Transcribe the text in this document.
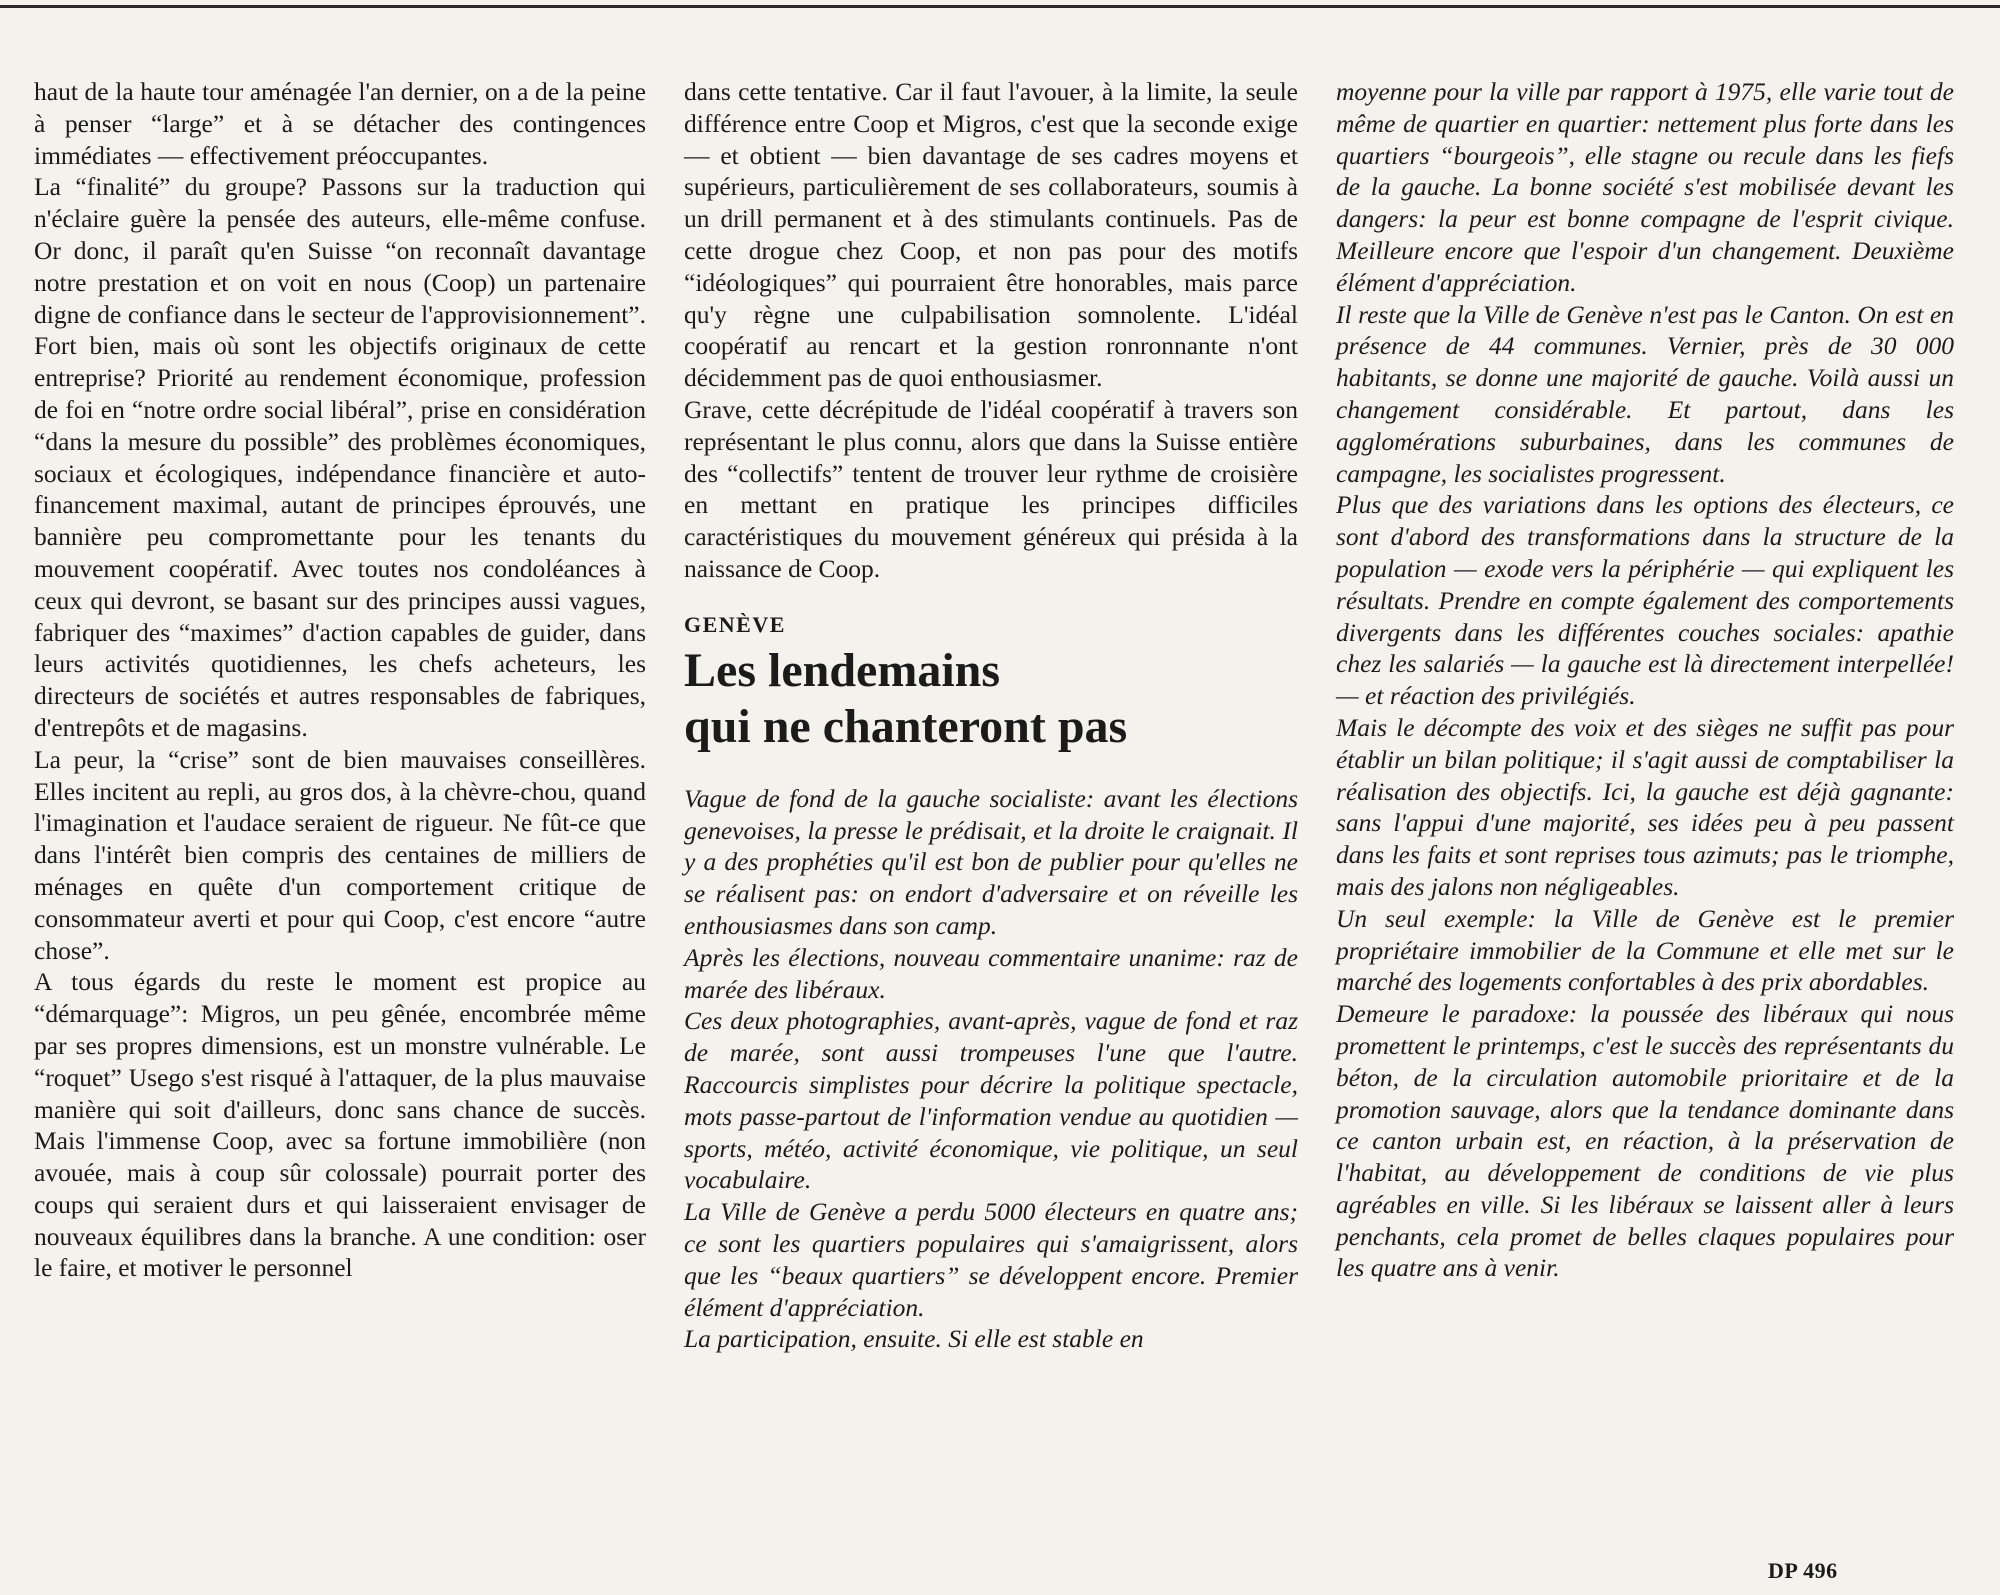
haut de la haute tour aménagée l'an dernier, on a de la peine à penser “large” et à se détacher des contingences immédiates — effectivement préoccupantes.

La “finalité” du groupe? Passons sur la traduction qui n'éclaire guère la pensée des auteurs, elle-même confuse. Or donc, il paraît qu'en Suisse “on reconnaît davantage notre prestation et on voit en nous (Coop) un partenaire digne de confiance dans le secteur de l'approvisionnement”. Fort bien, mais où sont les objectifs originaux de cette entreprise? Priorité au rendement économique, profession de foi en “notre ordre social libéral”, prise en considération “dans la mesure du possible” des problèmes économiques, sociaux et écologiques, indépendance financière et auto-financement maximal, autant de principes éprouvés, une bannière peu compromettante pour les tenants du mouvement coopératif. Avec toutes nos condoléances à ceux qui devront, se basant sur des principes aussi vagues, fabriquer des “maximes” d'action capables de guider, dans leurs activités quotidiennes, les chefs acheteurs, les directeurs de sociétés et autres responsables de fabriques, d'entrepôts et de magasins.

La peur, la “crise” sont de bien mauvaises conseillères. Elles incitent au repli, au gros dos, à la chèvre-chou, quand l'imagination et l'audace seraient de rigueur. Ne fût-ce que dans l'intérêt bien compris des centaines de milliers de ménages en quête d'un comportement critique de consommateur averti et pour qui Coop, c'est encore “autre chose”.

A tous égards du reste le moment est propice au “démarquage”: Migros, un peu gênée, encombrée même par ses propres dimensions, est un monstre vulnérable. Le “roquet” Usego s'est risqué à l'attaquer, de la plus mauvaise manière qui soit d'ailleurs, donc sans chance de succès. Mais l'immense Coop, avec sa fortune immobilière (non avouée, mais à coup sûr colossale) pourrait porter des coups qui seraient durs et qui laisseraient envisager de nouveaux équilibres dans la branche. A une condition: oser le faire, et motiver le personnel

dans cette tentative. Car il faut l'avouer, à la limite, la seule différence entre Coop et Migros, c'est que la seconde exige — et obtient — bien davantage de ses cadres moyens et supérieurs, particulièrement de ses collaborateurs, soumis à un drill permanent et à des stimulants continuels. Pas de cette drogue chez Coop, et non pas pour des motifs “idéologiques” qui pourraient être honorables, mais parce qu'y règne une culpabilisation somnolente. L'idéal coopératif au rencart et la gestion ronronnante n'ont décidemment pas de quoi enthousiasmer.

Grave, cette décrépitude de l'idéal coopératif à travers son représentant le plus connu, alors que dans la Suisse entière des “collectifs” tentent de trouver leur rythme de croisière en mettant en pratique les principes difficiles caractéristiques du mouvement généreux qui présida à la naissance de Coop.

GENÈVE
Les lendemains
qui ne chanteront pas

Vague de fond de la gauche socialiste: avant les élections genevoises, la presse le prédisait, et la droite le craignait. Il y a des prophéties qu'il est bon de publier pour qu'elles ne se réalisent pas: on endort d'adversaire et on réveille les enthousiasmes dans son camp.

Après les élections, nouveau commentaire unanime: raz de marée des libéraux.

Ces deux photographies, avant-après, vague de fond et raz de marée, sont aussi trompeuses l'une que l'autre. Raccourcis simplistes pour décrire la politique spectacle, mots passe-partout de l'information vendue au quotidien — sports, météo, activité économique, vie politique, un seul vocabulaire.

La Ville de Genève a perdu 5000 électeurs en quatre ans; ce sont les quartiers populaires qui s'amaigrissent, alors que les “beaux quartiers” se développent encore. Premier élément d'appréciation.

La participation, ensuite. Si elle est stable en

moyenne pour la ville par rapport à 1975, elle varie tout de même de quartier en quartier: nettement plus forte dans les quartiers “bourgeois”, elle stagne ou recule dans les fiefs de la gauche. La bonne société s'est mobilisée devant les dangers: la peur est bonne compagne de l'esprit civique. Meilleure encore que l'espoir d'un changement. Deuxième élément d'appréciation.

Il reste que la Ville de Genève n'est pas le Canton. On est en présence de 44 communes. Vernier, près de 30 000 habitants, se donne une majorité de gauche. Voilà aussi un changement considérable. Et partout, dans les agglomérations suburbaines, dans les communes de campagne, les socialistes progressent.

Plus que des variations dans les options des électeurs, ce sont d'abord des transformations dans la structure de la population — exode vers la périphérie — qui expliquent les résultats. Prendre en compte également des comportements divergents dans les différentes couches sociales: apathie chez les salariés — la gauche est là directement interpellée! — et réaction des privilégiés.

Mais le décompte des voix et des sièges ne suffit pas pour établir un bilan politique; il s'agit aussi de comptabiliser la réalisation des objectifs. Ici, la gauche est déjà gagnante: sans l'appui d'une majorité, ses idées peu à peu passent dans les faits et sont reprises tous azimuts; pas le triomphe, mais des jalons non négligeables.

Un seul exemple: la Ville de Genève est le premier propriétaire immobilier de la Commune et elle met sur le marché des logements confortables à des prix abordables.

Demeure le paradoxe: la poussée des libéraux qui nous promettent le printemps, c'est le succès des représentants du béton, de la circulation automobile prioritaire et de la promotion sauvage, alors que la tendance dominante dans ce canton urbain est, en réaction, à la préservation de l'habitat, au développement de conditions de vie plus agréables en ville. Si les libéraux se laissent aller à leurs penchants, cela promet de belles claques populaires pour les quatre ans à venir.

DP 496
